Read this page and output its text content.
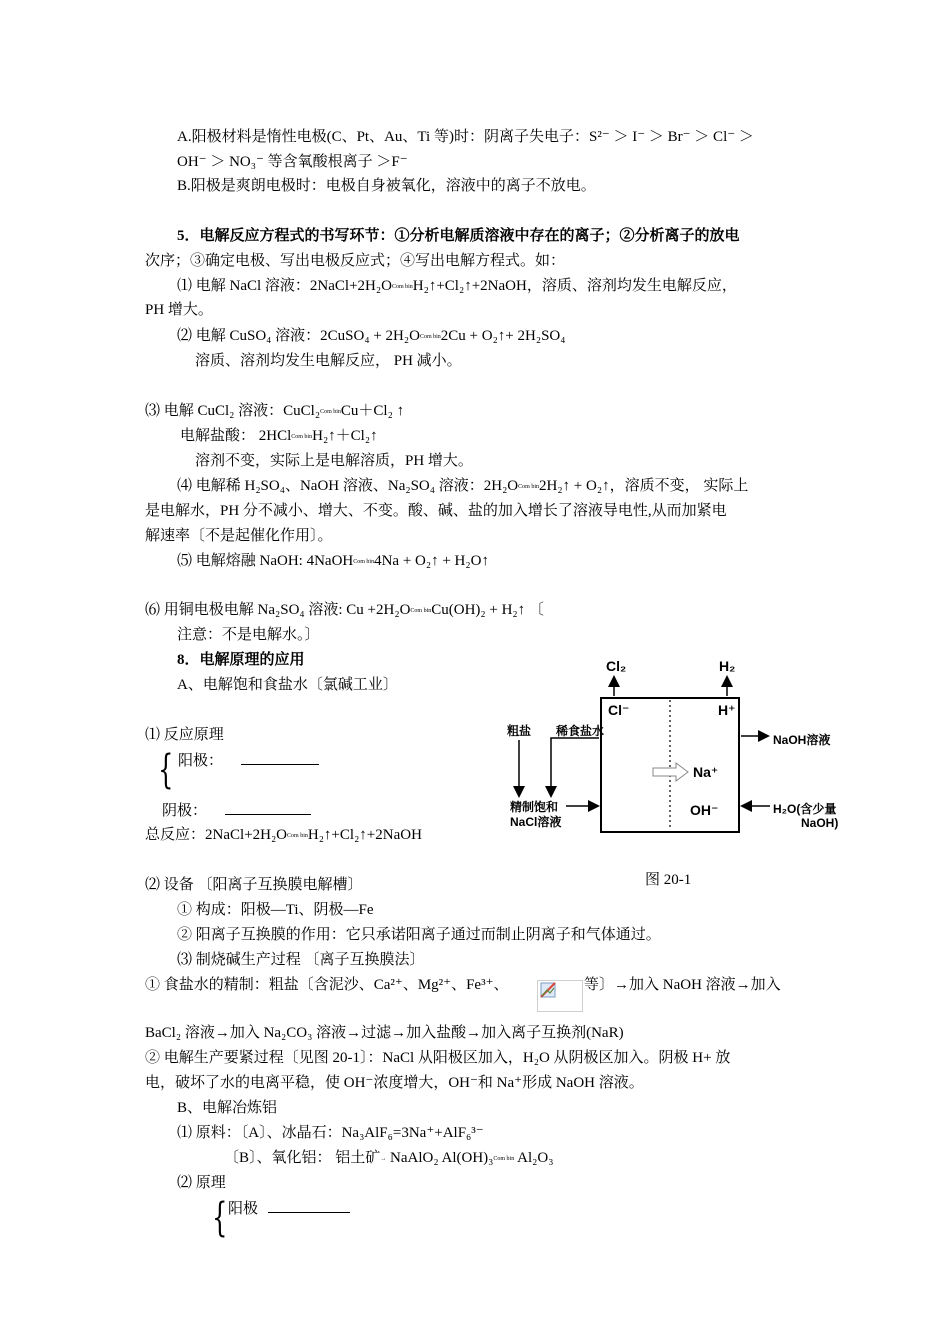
A.阳极材料是惰性电极(C、Pt、Au、Ti 等)时：阴离子失电子：S²⁻ ＞ I⁻ ＞ Br⁻ ＞ Cl⁻ ＞
OH⁻ ＞ NO₃⁻ 等含氧酸根离子 ＞F⁻
B.阳极是爽朗电极时：电极自身被氧化，溶液中的离子不放电。
5．电解反应方程式的书写环节：①分析电解质溶液中存在的离子；②分析离子的放电
次序；③确定电极、写出电极反应式；④写出电解方程式。如：
⑴ 电解 NaCl 溶液：2NaCl+2H₂OCom binH₂↑+Cl₂↑+2NaOH，溶质、溶剂均发生电解反应，
PH 增大。
⑵ 电解 CuSO₄ 溶液：2CuSO₄ + 2H₂OCom bin2Cu + O₂↑+ 2H₂SO₄
溶质、溶剂均发生电解反应， PH 减小。
⑶ 电解 CuCl₂ 溶液：CuCl₂Com binCu＋Cl₂ ↑
电解盐酸： 2HClCom binH₂↑＋Cl₂↑
溶剂不变，实际上是电解溶质，PH 增大。
⑷ 电解稀 H₂SO₄、NaOH 溶液、Na₂SO₄ 溶液：2H₂OCom bin2H₂↑ + O₂↑，溶质不变， 实际上
是电解水，PH 分不减小、增大、不变。酸、碱、盐的加入增长了溶液导电性,从而加紧电
解速率〔不是起催化作用〕。
⑸ 电解熔融 NaOH: 4NaOHCom bin4Na + O₂↑ + H₂O↑
⑹ 用铜电极电解 Na₂SO₄ 溶液: Cu +2H₂OCom binCu(OH)₂ + H₂↑ 〔
注意：不是电解水。〕
8．电解原理的应用
A、电解饱和食盐水〔氯碱工业〕
⑴ 反应原理
{ 阳极：
阴极：
总反应：2NaCl+2H₂OCom binH₂↑+Cl₂↑+2NaOH
⑵ 设备 〔阳离子互换膜电解槽〕	图 20-1
① 构成：阳极—Ti、阴极—Fe
② 阳离子互换膜的作用：它只承诺阳离子通过而制止阴离子和气体通过。
⑶ 制烧碱生产过程 〔离子互换膜法〕
① 食盐水的精制：粗盐〔含泥沙、Ca²⁺、Mg²⁺、Fe³⁺、	等〕→加入 NaOH 溶液→加入
BaCl₂ 溶液→加入 Na₂CO₃ 溶液→过滤→加入盐酸→加入离子互换剂(NaR)
② 电解生产要紧过程〔见图 20-1〕：NaCl 从阳极区加入，H₂O 从阴极区加入。阴极 H+ 放
电，破坏了水的电离平稳，使 OH⁻浓度增大，OH⁻和 Na⁺形成 NaOH 溶液。
B、电解冶炼铝
⑴ 原料：〔A〕、冰晶石：Na₃AlF₆=3Na⁺+AlF₆³⁻
〔B〕、氧化铝： 铝土矿→ NaAlO₂ Al(OH)₃Com bin Al₂O₃
⑵ 原理
{ 阳极
Cl₂	H₂
Cl⁻	H⁺
粗盐 稀食盐水
NaOH溶液
Na⁺
OH⁻
精制饱和
NaCl溶液
H₂O(含少量
NaOH)
